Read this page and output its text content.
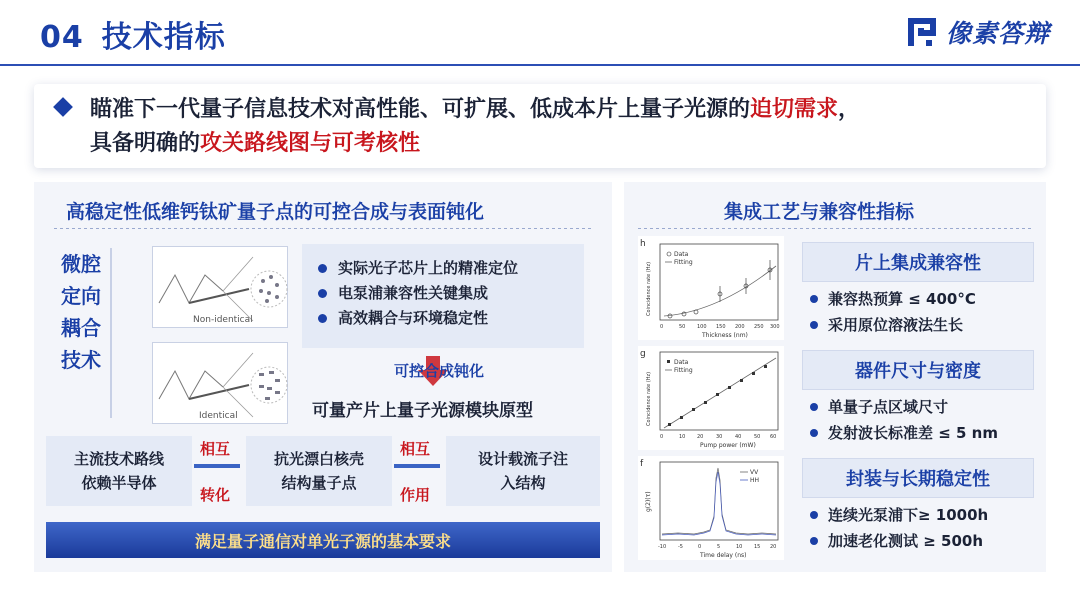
04 技术指标	像素答辩
瞄准下一代量子信息技术对高性能、可扩展、低成本片上量子光源的迫切需求，
具备明确的攻关路线图与可考核性
高稳定性低维钙钛矿量子点的可控合成与表面钝化
微腔
定向
耦合
技术
Non-identical
Identical
实际光子芯片上的精准定位
电泵浦兼容性关键集成
高效耦合与环境稳定性
可控合成钝化
可量产片上量子光源模块原型
主流技术路线
依赖半导体
相互
转化
抗光漂白核壳
结构量子点
相互
作用
设计载流子注
入结构
满足量子通信对单光子源的基本要求
集成工艺与兼容性指标
h
Data
Fitting
0	50 100 150 200 250 300
Thickness (nm)
Coincidence rate (Hz)
g
Data
Fitting
0	10 20	30	40	50 60
Pump power (mW)
Coincidence rate (Hz)
f
VV
HH
-10 -5	0	5	10 15 20
Time delay (ns)
g(2)(τ)
片上集成兼容性
兼容热预算 ≤ 400°C
采用原位溶液法生长
器件尺寸与密度
单量子点区域尺寸
发射波长标准差 ≤ 5 nm
封装与长期稳定性
连续光泵浦下≥ 1000h
加速老化测试 ≥ 500h
